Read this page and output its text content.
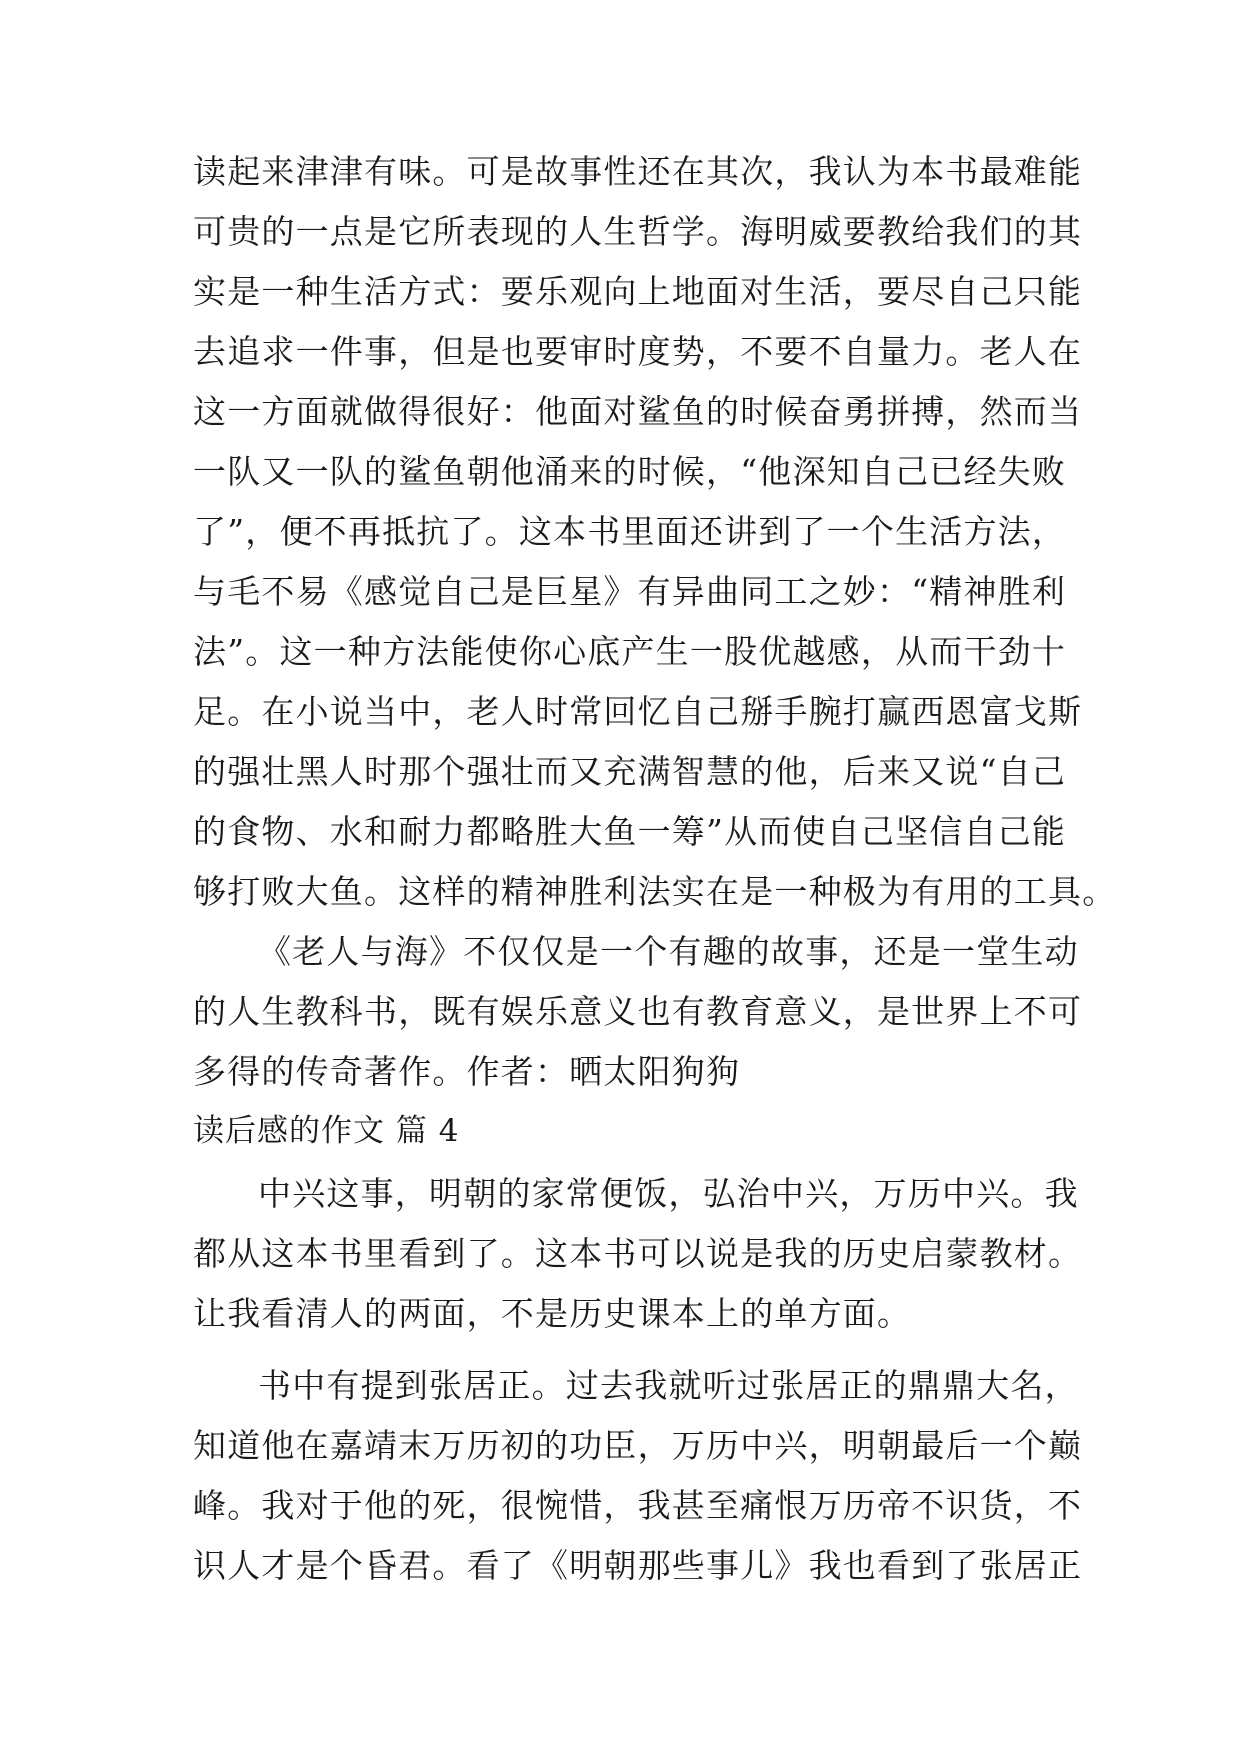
读起来津津有味。可是故事性还在其次，我认为本书最难能
可贵的一点是它所表现的人生哲学。海明威要教给我们的其
实是一种生活方式：要乐观向上地面对生活，要尽自己只能
去追求一件事，但是也要审时度势，不要不自量力。老人在
这一方面就做得很好：他面对鲨鱼的时候奋勇拼搏，然而当
一队又一队的鲨鱼朝他涌来的时候，“他深知自己已经失败
了”，便不再抵抗了。这本书里面还讲到了一个生活方法，
与毛不易《感觉自己是巨星》有异曲同工之妙：“精神胜利
法”。这一种方法能使你心底产生一股优越感，从而干劲十
足。在小说当中，老人时常回忆自己掰手腕打赢西恩富戈斯
的强壮黑人时那个强壮而又充满智慧的他，后来又说“自己
的食物、水和耐力都略胜大鱼一筹”从而使自己坚信自己能
够打败大鱼。这样的精神胜利法实在是一种极为有用的工具。
《老人与海》不仅仅是一个有趣的故事，还是一堂生动
的人生教科书，既有娱乐意义也有教育意义，是世界上不可
多得的传奇著作。作者：晒太阳狗狗
读后感的作文 篇 4
中兴这事，明朝的家常便饭，弘治中兴，万历中兴。我
都从这本书里看到了。这本书可以说是我的历史启蒙教材。
让我看清人的两面，不是历史课本上的单方面。
书中有提到张居正。过去我就听过张居正的鼎鼎大名，
知道他在嘉靖末万历初的功臣，万历中兴，明朝最后一个巅
峰。我对于他的死，很惋惜，我甚至痛恨万历帝不识货，不
识人才是个昏君。看了《明朝那些事儿》我也看到了张居正
